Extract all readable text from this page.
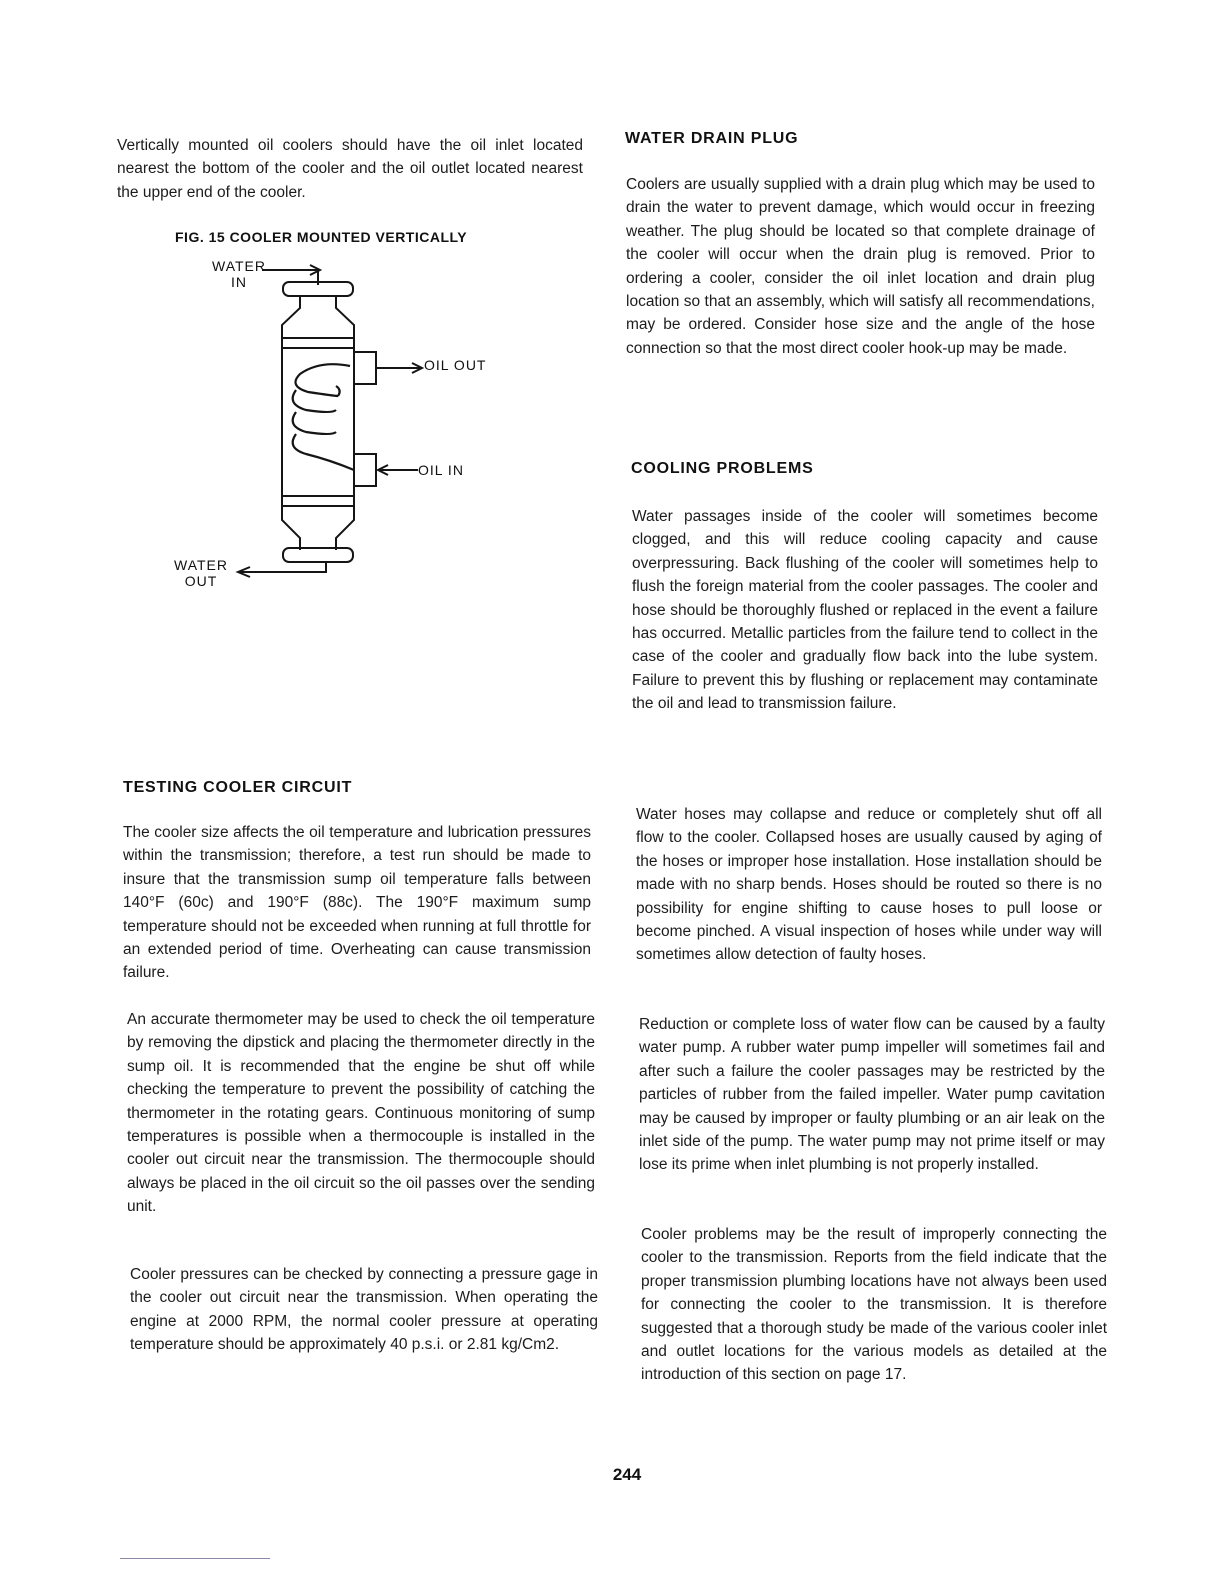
Vertically mounted oil coolers should have the oil inlet located nearest the bottom of the cooler and the oil outlet located nearest the upper end of the cooler.

FIG. 15 COOLER MOUNTED VERTICALLY

WATER
IN
OIL OUT
OIL IN
WATER
OUT
TESTING COOLER CIRCUIT

The cooler size affects the oil temperature and lubrication pressures within the transmission; therefore, a test run should be made to insure that the transmission sump oil temperature falls between 140°F (60c) and 190°F (88c). The 190°F maximum sump temperature should not be exceeded when running at full throttle for an extended period of time. Overheating can cause transmission failure.

An accurate thermometer may be used to check the oil temperature by removing the dipstick and placing the thermometer directly in the sump oil. It is recommended that the engine be shut off while checking the temperature to prevent the possibility of catching the thermometer in the rotating gears. Continuous monitoring of sump temperatures is possible when a thermocouple is installed in the cooler out circuit near the transmission. The thermocouple should always be placed in the oil circuit so the oil passes over the sending unit.

Cooler pressures can be checked by connecting a pressure gage in the cooler out circuit near the transmission. When operating the engine at 2000 RPM, the normal cooler pressure at operating temperature should be approximately 40 p.s.i. or 2.81 kg/Cm2.

WATER DRAIN PLUG

Coolers are usually supplied with a drain plug which may be used to drain the water to prevent damage, which would occur in freezing weather. The plug should be located so that complete drainage of the cooler will occur when the drain plug is removed. Prior to ordering a cooler, consider the oil inlet location and drain plug location so that an assembly, which will satisfy all recommendations, may be ordered. Consider hose size and the angle of the hose connection so that the most direct cooler hook-up may be made.

COOLING PROBLEMS

Water passages inside of the cooler will sometimes become clogged, and this will reduce cooling capacity and cause overpressuring. Back flushing of the cooler will sometimes help to flush the foreign material from the cooler passages. The cooler and hose should be thoroughly flushed or replaced in the event a failure has occurred. Metallic particles from the failure tend to collect in the case of the cooler and gradually flow back into the lube system. Failure to prevent this by flushing or replacement may contaminate the oil and lead to transmission failure.

Water hoses may collapse and reduce or completely shut off all flow to the cooler. Collapsed hoses are usually caused by aging of the hoses or improper hose installation. Hose installation should be made with no sharp bends. Hoses should be routed so there is no possibility for engine shifting to cause hoses to pull loose or become pinched. A visual inspection of hoses while under way will sometimes allow detection of faulty hoses.

Reduction or complete loss of water flow can be caused by a faulty water pump. A rubber water pump impeller will sometimes fail and after such a failure the cooler passages may be restricted by the particles of rubber from the failed impeller. Water pump cavitation may be caused by improper or faulty plumbing or an air leak on the inlet side of the pump. The water pump may not prime itself or may lose its prime when inlet plumbing is not properly installed.

Cooler problems may be the result of improperly connecting the cooler to the transmission. Reports from the field indicate that the proper transmission plumbing locations have not always been used for connecting the cooler to the transmission. It is therefore suggested that a thorough study be made of the various cooler inlet and outlet locations for the various models as detailed at the introduction of this section on page 17.

244
